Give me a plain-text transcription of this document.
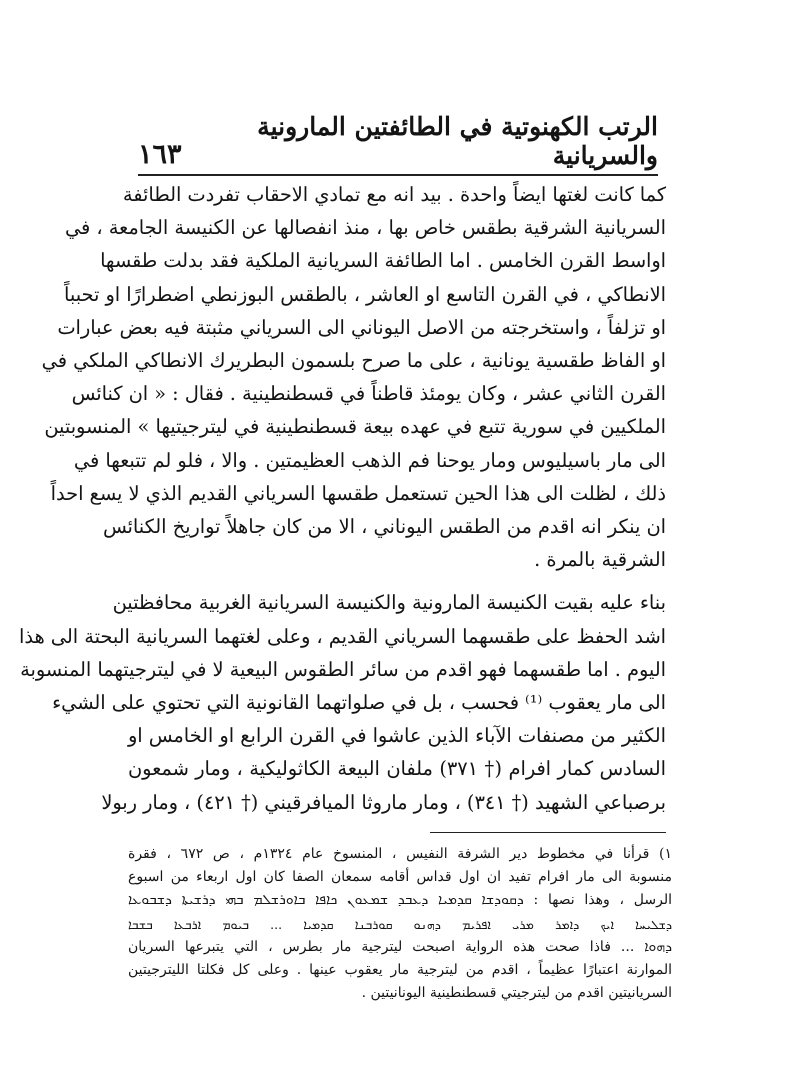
الرتب الكهنوتية في الطائفتين المارونية والسريانية
١٦٣
كما كانت لغتها ايضاً واحدة . بيد انه مع تمادي الاحقاب تفردت الطائفة
السريانية الشرقية بطقس خاص بها ، منذ انفصالها عن الكنيسة الجامعة ، في
اواسط القرن الخامس . اما الطائفة السريانية الملكية فقد بدلت طقسها
الانطاكي ، في القرن التاسع او العاشر ، بالطقس البوزنطي اضطرارًا او تحبباً
او تزلفاً ، واستخرجته من الاصل اليوناني الى السرياني مثبتة فيه بعض عبارات
او الفاظ طقسية يونانية ، على ما صرح بلسمون البطريرك الانطاكي الملكي في
القرن الثاني عشر ، وكان يومئذ قاطناً في قسطنطينية . فقال : « ان كنائس
الملكيين في سورية تتبع في عهده بيعة قسطنطينية في ليترجيتيها » المنسوبتين
الى مار باسيليوس ومار يوحنا فم الذهب العظيمتين . والا ، فلو لم تتبعها في
ذلك ، لظلت الى هذا الحين تستعمل طقسها السرياني القديم الذي لا يسع احداً
ان ينكر انه اقدم من الطقس اليوناني ، الا من كان جاهلاً تواريخ الكنائس
الشرقية بالمرة .
بناء عليه بقيت الكنيسة المارونية والكنيسة السريانية الغربية محافظتين
اشد الحفظ على طقسهما السرياني القديم ، وعلى لغتهما السريانية البحتة الى هذا
اليوم . اما طقسهما فهو اقدم من سائر الطقوس البيعية لا في ليترجيتهما المنسوبة
الى مار يعقوب ⁽¹⁾ فحسب ، بل في صلواتهما القانونية التي تحتوي على الشيء
الكثير من مصنفات الآباء الذين عاشوا في القرن الرابع او الخامس او
السادس كمار افرام († ٣٧١) ملفان البيعة الكاثوليكية ، ومار شمعون
برصباعي الشهيد († ٣٤١) ، ومار ماروثا الميافرقيني († ٤٢١) ، ومار ربولا
١) قرأنا في مخطوط دير الشرفة النفيس ، المنسوخ عام ١٣٢٤م ، ص ٦٧٢ ، فقرة
منسوبة الى مار افرام تفيد ان اول قداس أقامه سمعان الصفا كان اول اربعاء من اسبوع
الرسل ، وهذا نصها : ܕܩܘܕܫܐ ܩܕܡܝܐ ܕܥܒܕ ܫܡܥܘܢ ܟܐܦܐ ܒܐܘܪܫܠܡ ܒܗܝ ܕܪܫܝܬܐ ܕܫܒܘܥܐ
ܕܫܠܝܚܐ ܐܝܟ ܕܐܡܪ ܡܪܝ ܐܦܪܝܡ ܕܗܢܘ ܩܘܪܒܢܐ ܩܕܡܝܐ ... ܒܝܘܡ ܐܪܒܥܐ ܒܫܒܐ
ܕܗܘܐ ... فاذا صحت هذه الرواية اصبحت ليترجية مار بطرس ، التي يتبرعها السريان
الموارنة اعتبارًا عظيماً ، اقدم من ليترجية مار يعقوب عينها . وعلى كل فكلتا الليترجيتين
السريانيتين اقدم من ليترجيتي قسطنطينية اليونانيتين .
